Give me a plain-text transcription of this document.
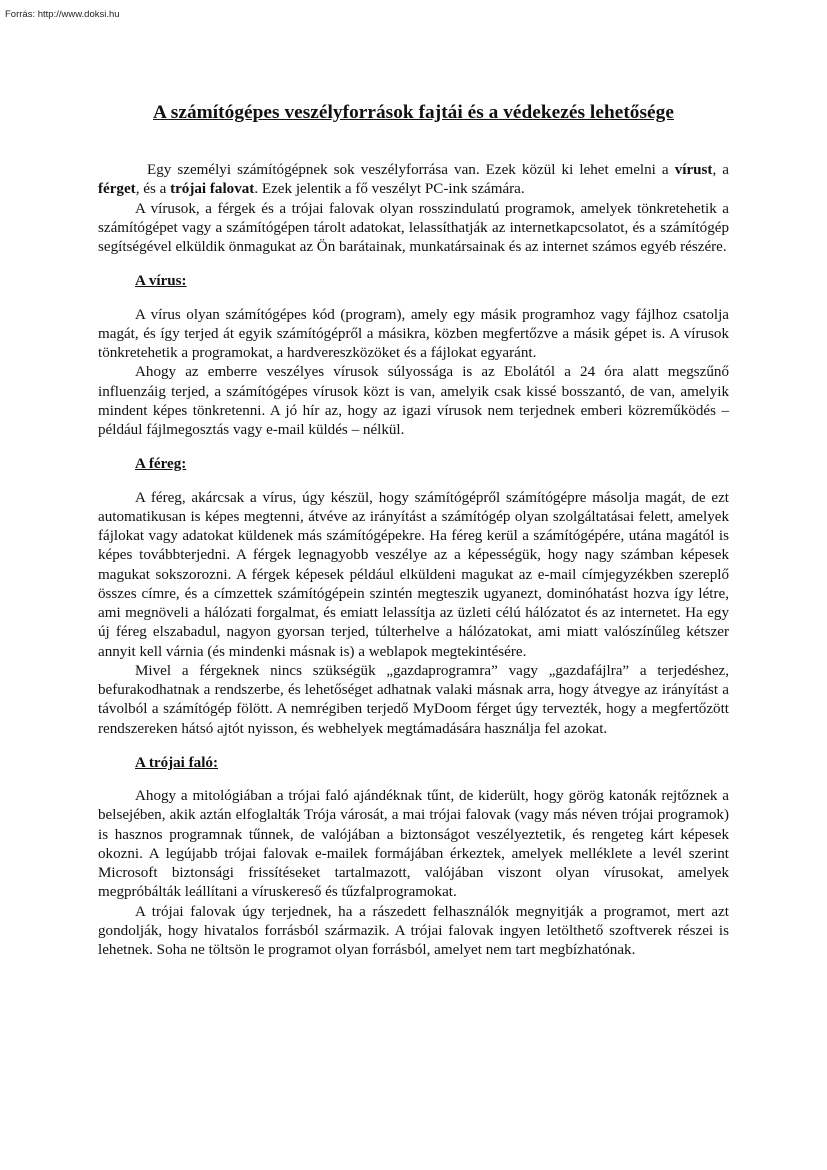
Forrás: http://www.doksi.hu
A számítógépes veszélyforrások fajtái és a védekezés lehetősége

Egy személyi számítógépnek sok veszélyforrása van. Ezek közül ki lehet emelni a vírust, a férget, és a trójai falovat. Ezek jelentik a fő veszélyt PC-ink számára.

A vírusok, a férgek és a trójai falovak olyan rosszindulatú programok, amelyek tönkretehetik a számítógépet vagy a számítógépen tárolt adatokat, lelassíthatják az internetkapcsolatot, és a számítógép segítségével elküldik önmagukat az Ön barátainak, munkatársainak és az internet számos egyéb részére.

A vírus:

A vírus olyan számítógépes kód (program), amely egy másik programhoz vagy fájlhoz csatolja magát, és így terjed át egyik számítógépről a másikra, közben megfertőzve a másik gépet is. A vírusok tönkretehetik a programokat, a hardvereszközöket és a fájlokat egyaránt.

Ahogy az emberre veszélyes vírusok súlyossága is az Ebolától a 24 óra alatt megszűnő influenzáig terjed, a számítógépes vírusok közt is van, amelyik csak kissé bosszantó, de van, amelyik mindent képes tönkretenni. A jó hír az, hogy az igazi vírusok nem terjednek emberi közreműködés – például fájlmegosztás vagy e-mail küldés – nélkül.

A féreg:

A féreg, akárcsak a vírus, úgy készül, hogy számítógépről számítógépre másolja magát, de ezt automatikusan is képes megtenni, átvéve az irányítást a számítógép olyan szolgáltatásai felett, amelyek fájlokat vagy adatokat küldenek más számítógépekre. Ha féreg kerül a számítógépére, utána magától is képes továbbterjedni. A férgek legnagyobb veszélye az a képességük, hogy nagy számban képesek magukat sokszorozni. A férgek képesek például elküldeni magukat az e-mail címjegyzékben szereplő összes címre, és a címzettek számítógépein szintén megteszik ugyanezt, dominóhatást hozva így létre, ami megnöveli a hálózati forgalmat, és emiatt lelassítja az üzleti célú hálózatot és az internetet. Ha egy új féreg elszabadul, nagyon gyorsan terjed, túlterhelve a hálózatokat, ami miatt valószínűleg kétszer annyit kell várnia (és mindenki másnak is) a weblapok megtekintésére.

Mivel a férgeknek nincs szükségük „gazdaprogramra” vagy „gazdafájlra” a terjedéshez, befurakodhatnak a rendszerbe, és lehetőséget adhatnak valaki másnak arra, hogy átvegye az irányítást a távolból a számítógép fölött. A nemrégiben terjedő MyDoom férget úgy tervezték, hogy a megfertőzött rendszereken hátsó ajtót nyisson, és webhelyek megtámadására használja fel azokat.

A trójai faló:

Ahogy a mitológiában a trójai faló ajándéknak tűnt, de kiderült, hogy görög katonák rejtőznek a belsejében, akik aztán elfoglalták Trója városát, a mai trójai falovak (vagy más néven trójai programok) is hasznos programnak tűnnek, de valójában a biztonságot veszélyeztetik, és rengeteg kárt képesek okozni. A legújabb trójai falovak e-mailek formájában érkeztek, amelyek melléklete a levél szerint Microsoft biztonsági frissítéseket tartalmazott, valójában viszont olyan vírusokat, amelyek megpróbálták leállítani a víruskereső és tűzfalprogramokat.

A trójai falovak úgy terjednek, ha a rászedett felhasználók megnyitják a programot, mert azt gondolják, hogy hivatalos forrásból származik. A trójai falovak ingyen letölthető szoftverek részei is lehetnek. Soha ne töltsön le programot olyan forrásból, amelyet nem tart megbízhatónak.
